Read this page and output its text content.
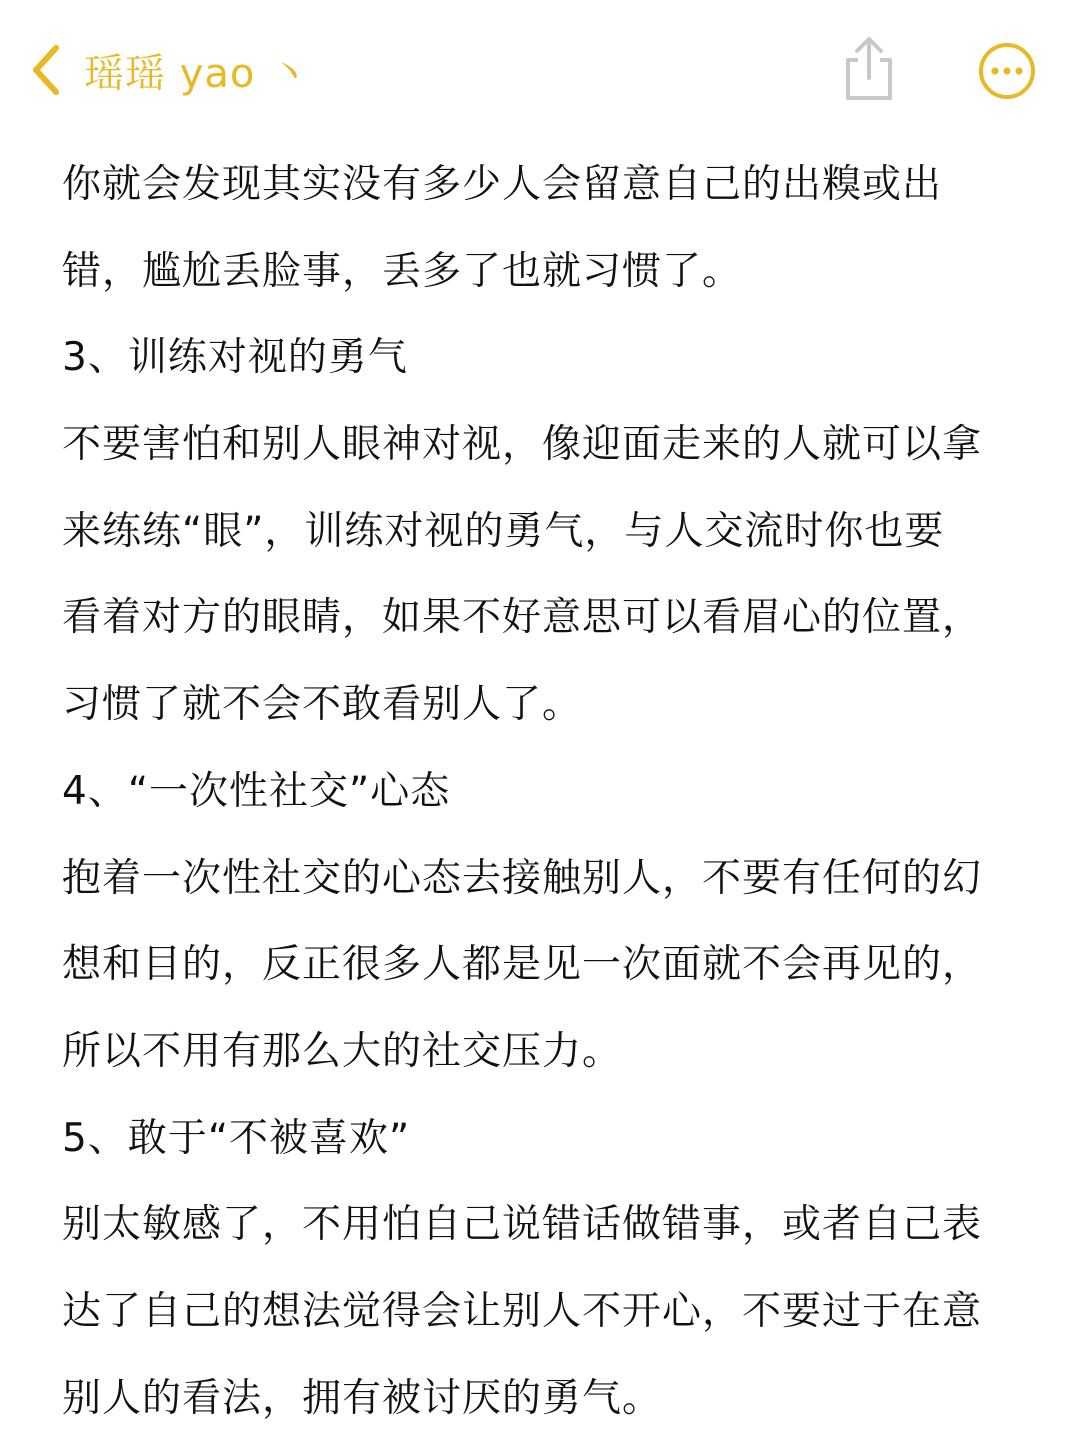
瑶瑶 yao 丶
你就会发现其实没有多少人会留意自己的出糗或出
错，尴尬丢脸事，丢多了也就习惯了。
3、训练对视的勇气
不要害怕和别人眼神对视，像迎面走来的人就可以拿
来练练“眼”，训练对视的勇气，与人交流时你也要
看着对方的眼睛，如果不好意思可以看眉心的位置，
习惯了就不会不敢看别人了。
4、“一次性社交”心态
抱着一次性社交的心态去接触别人，不要有任何的幻
想和目的，反正很多人都是见一次面就不会再见的，
所以不用有那么大的社交压力。
5、敢于“不被喜欢”
别太敏感了，不用怕自己说错话做错事，或者自己表
达了自己的想法觉得会让别人不开心，不要过于在意
别人的看法，拥有被讨厌的勇气。
